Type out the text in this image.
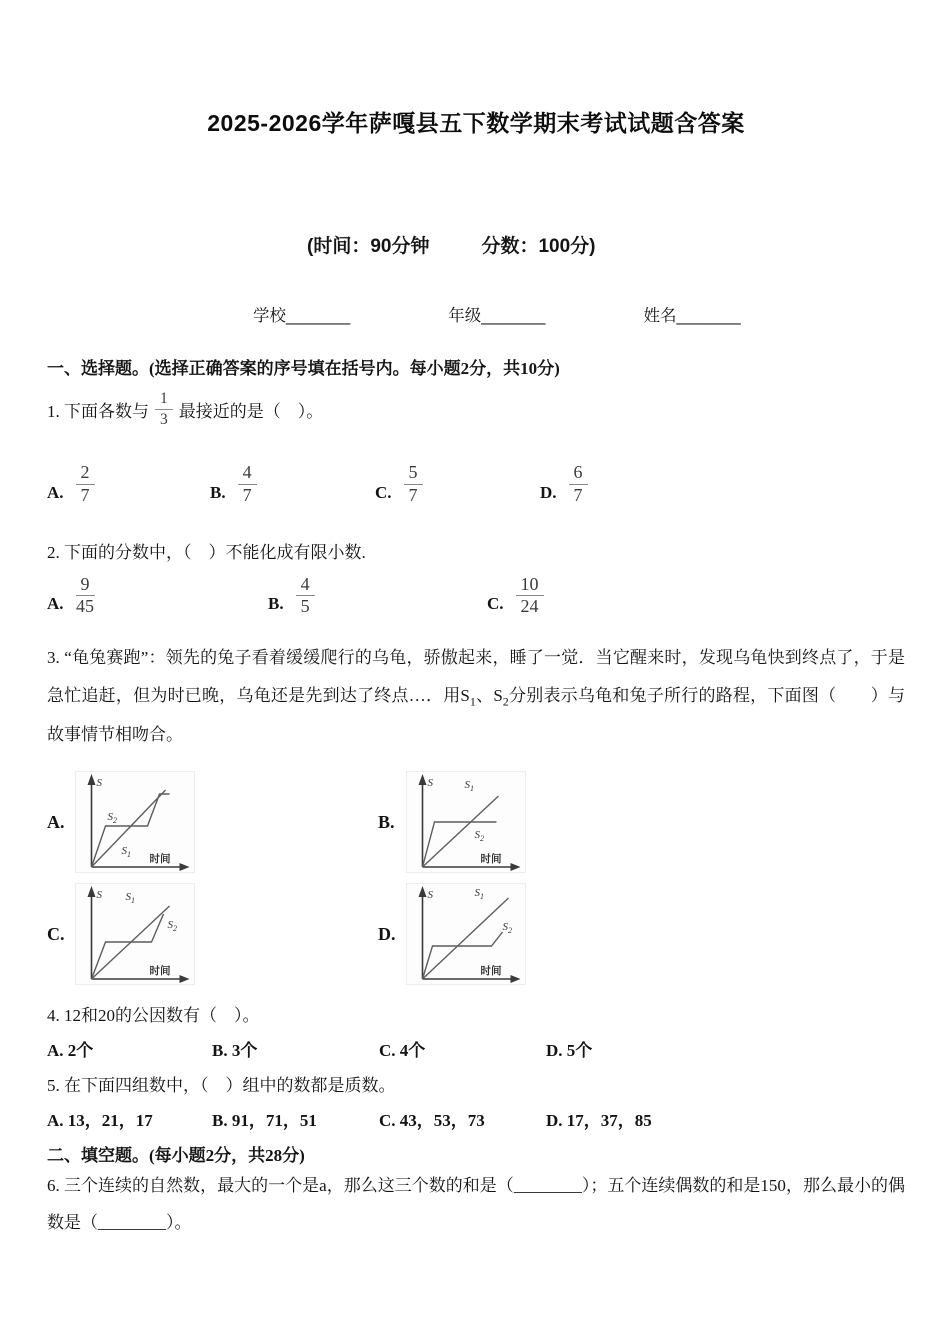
2025-2026学年萨嘎县五下数学期末考试试题含答案
(时间：90分钟	分数：100分)
学校_______	年级_______	姓名_______
一、选择题。(选择正确答案的序号填在括号内。每小题2分，共10分)
1. 下面各数与 $\frac{1}{3}$ 最接近的是（　）。
A. $\frac{2}{7}$	B. $\frac{4}{7}$	C. $\frac{5}{7}$	D. $\frac{6}{7}$
2. 下面的分数中，（　）不能化成有限小数.
A. $\frac{9}{45}$	B. $\frac{4}{5}$	C. $\frac{10}{24}$

3. “龟兔赛跑”：领先的兔子看着缓缓爬行的乌龟，骄傲起来，睡了一觉．当它醒来时，发现乌龟快到终点了，于是急忙追赶，但为时已晚，乌龟还是先到达了终点…．用$S_1$、$S_2$分别表示乌龟和兔子所行的路程，下面图（　　）与故事情节相吻合。

A.
S
$S_2$
$S_1$ 时间
B.
S	$S_1$
$S_2$
时间
C.
S $S_1$
$S_2$
时间
D.
S	$S_1$
$S_2$
时间
4. 12和20的公因数有（　）。
A. 2个	B. 3个	C. 4个	D. 5个
5. 在下面四组数中，（　）组中的数都是质数。
A. 13，21，17	B. 91，71，51	C. 43，53，73	D. 17，37，85
二、填空题。(每小题2分，共28分)

6. 三个连续的自然数，最大的一个是a，那么这三个数的和是（________）；五个连续偶数的和是150，那么最小的偶数是（________）。
